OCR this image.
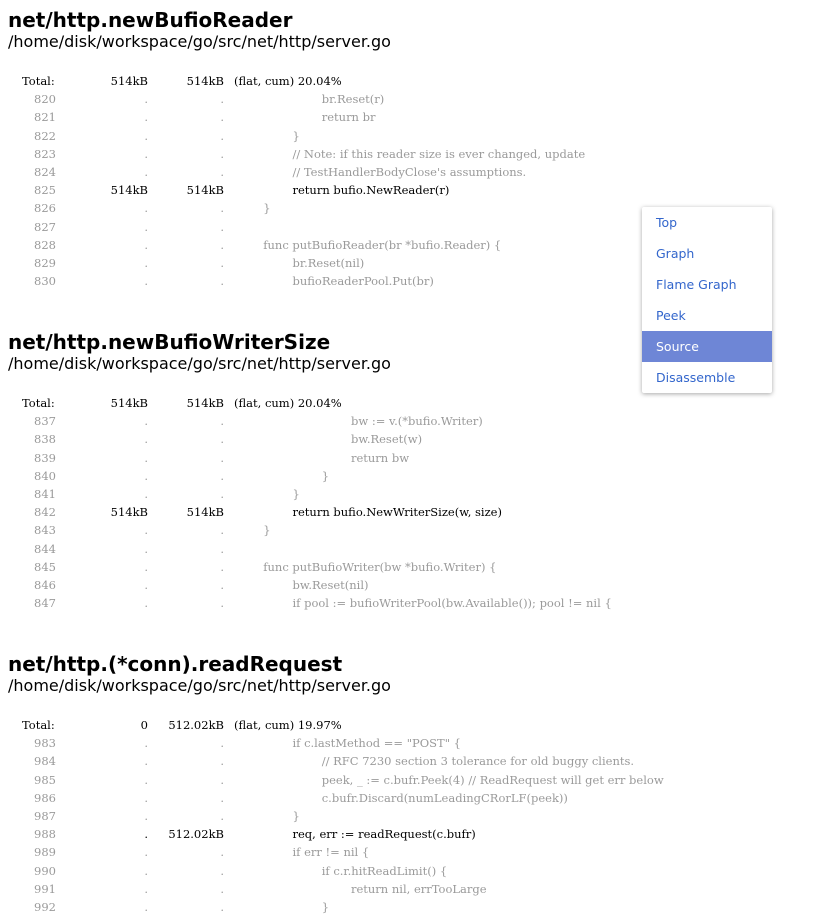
net/http.newBufioReader
/home/disk/workspace/go/src/net/http/server.go
Total:	514kB	514kB (flat, cum) 20.04%
820	.	. br.Reset(r)
821	.	. return br
822	.	. }
823	.	. // Note: if this reader size is ever changed, update
824	.	. // TestHandlerBodyClose's assumptions.
825	514kB	514kB return bufio.NewReader(r)
826	.	. }
827	.	.
828	.	. func putBufioReader(br *bufio.Reader) {
829	.	. br.Reset(nil)
830	.	. bufioReaderPool.Put(br)
net/http.newBufioWriterSize
/home/disk/workspace/go/src/net/http/server.go
Total:	514kB	514kB (flat, cum) 20.04%
837	.	. bw := v.(*bufio.Writer)
838	.	. bw.Reset(w)
839	.	. return bw
840	.	. }
841	.	. }
842	514kB	514kB return bufio.NewWriterSize(w, size)
843	.	. }
844	.	.
845	.	. func putBufioWriter(bw *bufio.Writer) {
846	.	. bw.Reset(nil)
847	.	. if pool := bufioWriterPool(bw.Available()); pool != nil {
net/http.(*conn).readRequest
/home/disk/workspace/go/src/net/http/server.go
Total:	0	512.02kB (flat, cum) 19.97%
983	.	. if c.lastMethod == "POST" {
984	.	. // RFC 7230 section 3 tolerance for old buggy clients.
985	.	. peek, _ := c.bufr.Peek(4) // ReadRequest will get err below
986	.	. c.bufr.Discard(numLeadingCRorLF(peek))
987	.	. }
988	.	512.02kB req, err := readRequest(c.bufr)
989	.	. if err != nil {
990	.	. if c.r.hitReadLimit() {
991	.	. return nil, errTooLarge
992	.	. }
Top
Graph
Flame Graph
Peek
Source
Disassemble
